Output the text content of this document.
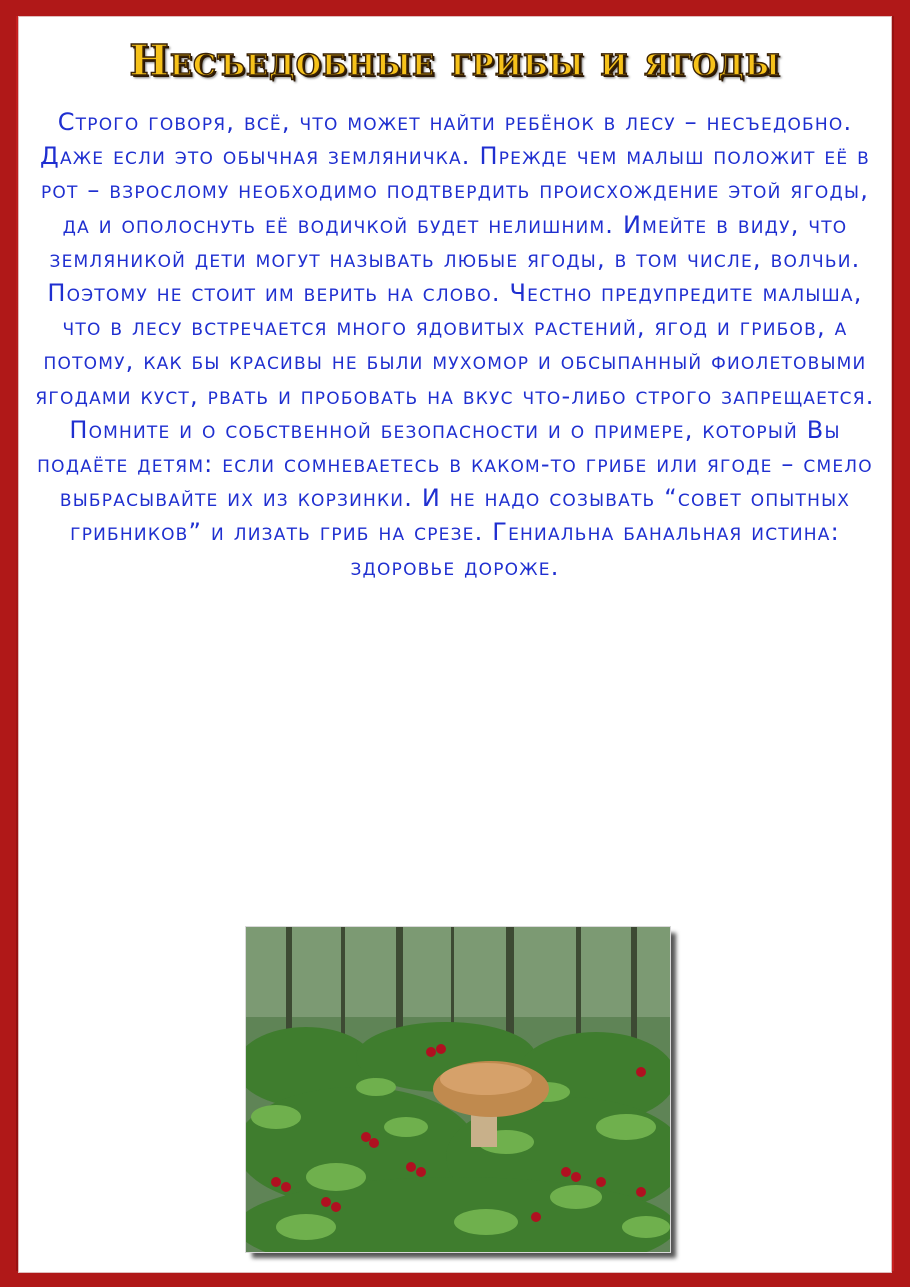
Несъедобные грибы и ягоды

Строго говоря, всё, что может найти ребёнок в лесу – несъедобно. Даже если это обычная земляничка. Прежде чем малыш положит её в рот – взрослому необходимо подтвердить происхождение этой ягоды, да и ополоснуть её водичкой будет нелишним. Имейте в виду, что земляникой дети могут называть любые ягоды, в том числе, волчьи. Поэтому не стоит им верить на слово. Честно предупредите малыша, что в лесу встречается много ядовитых растений, ягод и грибов, а потому, как бы красивы не были мухомор и обсыпанный фиолетовыми ягодами куст, рвать и пробовать на вкус что-либо строго запрещается.

Помните и о собственной безопасности и о примере, который Вы подаёте детям: если сомневаетесь в каком-то грибе или ягоде – смело выбрасывайте их из корзинки. И не надо созывать “совет опытных грибников” и лизать гриб на срезе. Гениальна банальная истина: здоровье дороже.
